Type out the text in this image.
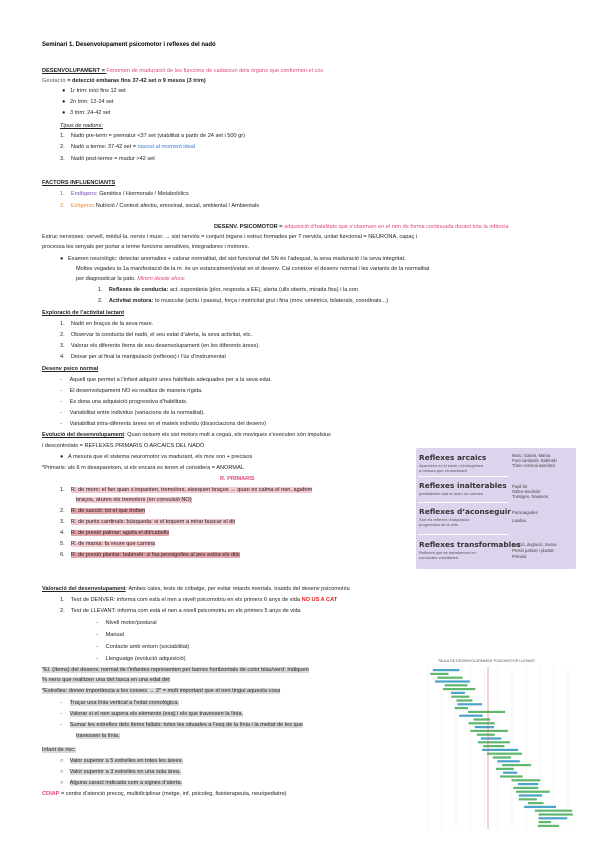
Seminari 1. Desenvolupament psicomotor i reflexes del nadó
DESENVOLUPAMENT = Fenomen de maduració de les funcions de cadascun dels òrgans que conformen el cos
Gestació = detecció embaras fins 37-42 set o 9 mesos (3 trim)
●   1r trim: inici fins 12 set
●   2n trim: 12-24 set
●   3 trim: 24-42 set
Tipus de nadons:
1. Nadó pre-term = prematur <37 set (viabilitat a partir de 24 set i 500 gr)
2. Nadó a terme: 37-42 set = nascut al moment ideal
3. Nadó post-terme = madur >42 set
FACTORS INFLUENCIANTS
1. Endògens: Genètics / Hormonals / Metabolòlics
2. Exògens: Nutrició / Context afectiu, emocinal, social, ambiental / Ambientals
DESENV. PSICOMOTOR = adquisició d’habilitats que s’observen en el nen de forma continuada durant tota la infància
Estruc nervioses: cervell, mèdul·la, nervis i musc → sist nerviós = conjunt òrgans i estruc formades per T nerviós, unitat funcional = NEURONA, capaç i
processa les senyals per portar a terme funcions sensitives, integradores i motores.
●   Examen neurològic: detectar anomalies + valorar normalitat, del sist funcional del SN és l’adequat, la seva maduració i la seva integritat.
Moltes vegades la 1a manifestació de la m. és un estancament/estat en el desenv. Cal conèixer el desenv normal i les variants de la normalitat
per diagnosticar la pato. Mirem desde afora:
1. Reflexes de conducta: act. espontània (plor, resposta a EE), alerta (ulls oberts, mirada fixa) i la son
2. Activitat motora: to muscular (actiu i passiu), força i motricitat grui i fina (mov. simètrics, bilaterals, coordinats...)
Exploració de l’activitat lactant
1.    Nadó en braços de la seva mare.
2.    Observar la conducta del nadó, el seu estat d’alerta, la seva activitat, etc.
3.    Valorar els diferents ítems de seu desenvolupament (en les diferents àrees).
4.    Deixar per al final la manipulació (reflexes) i l’ús d’instrumental
Desenv psico normal
-     Aquell que permet a l’infant adquirir unes habilitats adequades per a la seva edat.
-     El desenvolupament NO es realitza de manera rígida.
-     Es dona una adquisició progressiva d’habilitats.
-     Variabilitat entre individus (variacions de la normalitat).
-     Variabilitat intra-diferents àrees en el mateix individu (dissociacions del desenv)
Evolució del desenvolupament: Quan neixem els sist motors molt a cegaú, els moviques s’executen són impulsius
i descontrolats = REFLEXES PRIMARIS O ARCAICS DEL NADÓ
●   A mesura que el sistema neuromotor va madurant, els mov son + precisos
*Primaris: als 6 m desapareixen, si els encara es tenen el considera = ANORMAL
R. PRIMARIS
1. R. de moro: el fan quan s’espanten, tremolors, aixequen braços → quan es calma el nen, agafem
braços, aturen els tremolors (en convulsió NO)
2. R. de succió: tot el que troben
3. R. de punts cardinals: búsqueda: si el toquem a mirar buscar el dit
4. R. de presió palmar: agafa el dit/cabells
5. R. de marxa: fa veure que camina
6. R. de presió plantar: babinski: si fas pessigolles al peu estira els dits
Valoració del desenvolupament: Ambes cales, tests de cribatge, per evitar retards mentals, trastds del desenv psicomotriu
1. Test de DENVER: informa com està el nen a nivell psicomotriu en els primers 6 anys de vida NO US A CAT
2. Test de LLEVANT: informa com està el nen a nivell psicomotriu en els primers 5 anys de vida
-     Nivell motor/postural
-     Manual
-     Contacte amb entorn (sociabilitat)
-     Llenguatge (evolució adquisició)
*El. (ítems) del desenv. normal de l’infantes representen per barres horitzontals de color blau/verd: Indiquen
% nens que realitzen una det tasca en una edat det
*Estrelles: donen importància a les cosses → 3* = molt important que el nen tingui aquesta cosa
-     Traçar una línia vertical a l’edat cronològica.
-     Valorar si el nen supera els elements (esq) i els que travessen la línia.
-     Sumar les estrelles dels ítems fallats: totes les situades a l’esq de la línia i la meitat de les que
travessen la línia.
Infant de risc:
○    Valor superior a 5 estrelles en totes les àrees.
○    Valor superior a 3 estrelles en una sola àrea.
○    Alguna caract indicada com a signes d’alerta.
CDIAP = centre d’atenció precoç, multidiciplinar (metge, inf, psicoleg, fisioterapeuta, neuripediatre)
Reflexes arcaics
Apareixen en el nadó i s’extingeixen
a mesura que va madurant
Moro, Galant, Marxa
Punt cardinals, Babinski
Tònic cervical asimètric
Reflexes inalterables
persisteixen tota la vida i no canvien
Pupil·lar
Osteo-tendinós
Tussígen, Nauseos
Reflexes d’aconseguir
Són els reflexes d’adquisició
progressiva de la vida
Paracaigudes
Landau
Reflexes transformables
Reflexes que es transformen en
conductes voluntàries
Succió, deglució, marxa
Presió palmar i plantar
Prènsió
TAULA DE DESENVOLUPAMENT PSICOMOTOR LLEVANT
